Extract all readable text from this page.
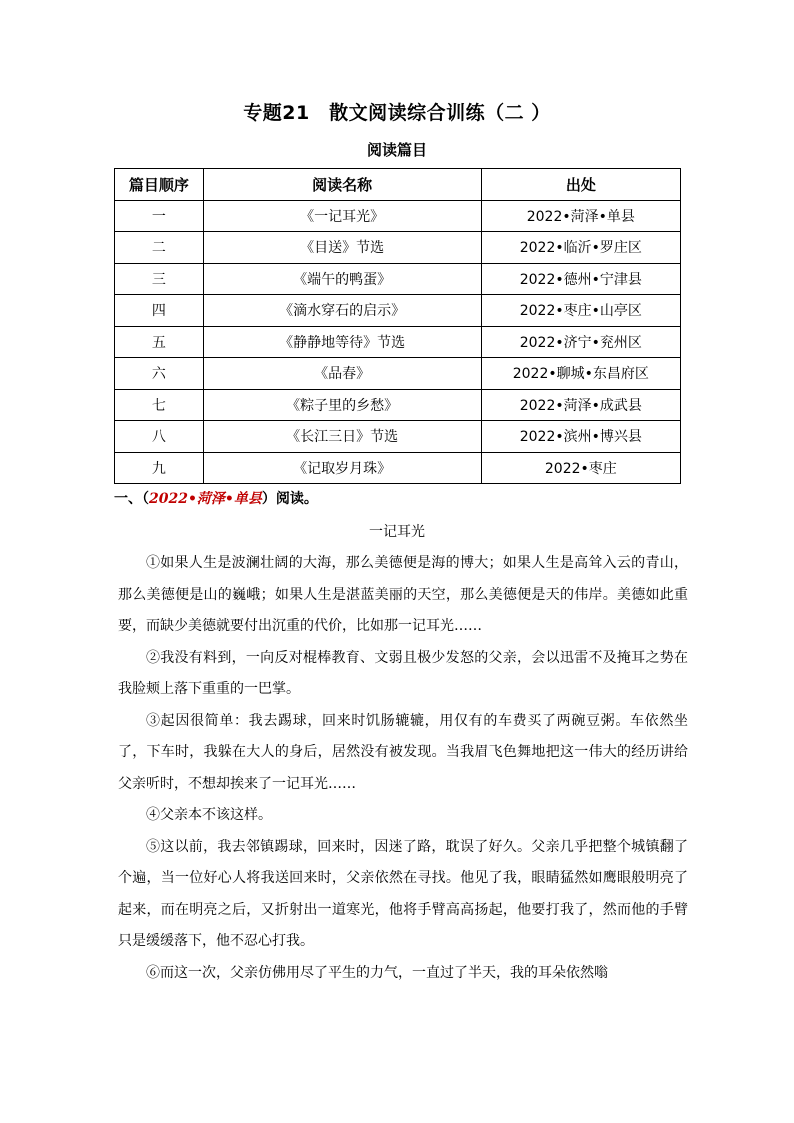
专题21　散文阅读综合训练（二 ）
阅读篇目
篇目顺序	阅读名称	出处
一	《一记耳光》	2022•菏泽•单县
二	《目送》节选	2022•临沂•罗庄区
三	《端午的鸭蛋》	2022•德州•宁津县
四	《滴水穿石的启示》	2022•枣庄•山亭区
五	《静静地等待》节选	2022•济宁•兖州区
六	《品春》	2022•聊城•东昌府区
七	《粽子里的乡愁》	2022•菏泽•成武县
八	《长江三日》节选	2022•滨州•博兴县
九	《记取岁月珠》	2022•枣庄
一、（2022•菏泽•单县）阅读。
一记耳光

①如果人生是波澜壮阔的大海，那么美德便是海的博大；如果人生是高耸入云的青山，那么美德便是山的巍峨；如果人生是湛蓝美丽的天空，那么美德便是天的伟岸。美德如此重要，而缺少美德就要付出沉重的代价，比如那一记耳光……

②我没有料到，一向反对棍棒教育、文弱且极少发怒的父亲，会以迅雷不及掩耳之势在我脸颊上落下重重的一巴掌。

③起因很简单：我去踢球，回来时饥肠辘辘，用仅有的车费买了两碗豆粥。车依然坐了，下车时，我躲在大人的身后，居然没有被发现。当我眉飞色舞地把这一伟大的经历讲给父亲听时，不想却挨来了一记耳光……

④父亲本不该这样。

⑤这以前，我去邻镇踢球，回来时，因迷了路，耽误了好久。父亲几乎把整个城镇翻了个遍，当一位好心人将我送回来时，父亲依然在寻找。他见了我，眼睛猛然如鹰眼般明亮了起来，而在明亮之后，又折射出一道寒光，他将手臂高高扬起，他要打我了，然而他的手臂只是缓缓落下，他不忍心打我。

⑥而这一次，父亲仿佛用尽了平生的力气，一直过了半天，我的耳朵依然嗡
